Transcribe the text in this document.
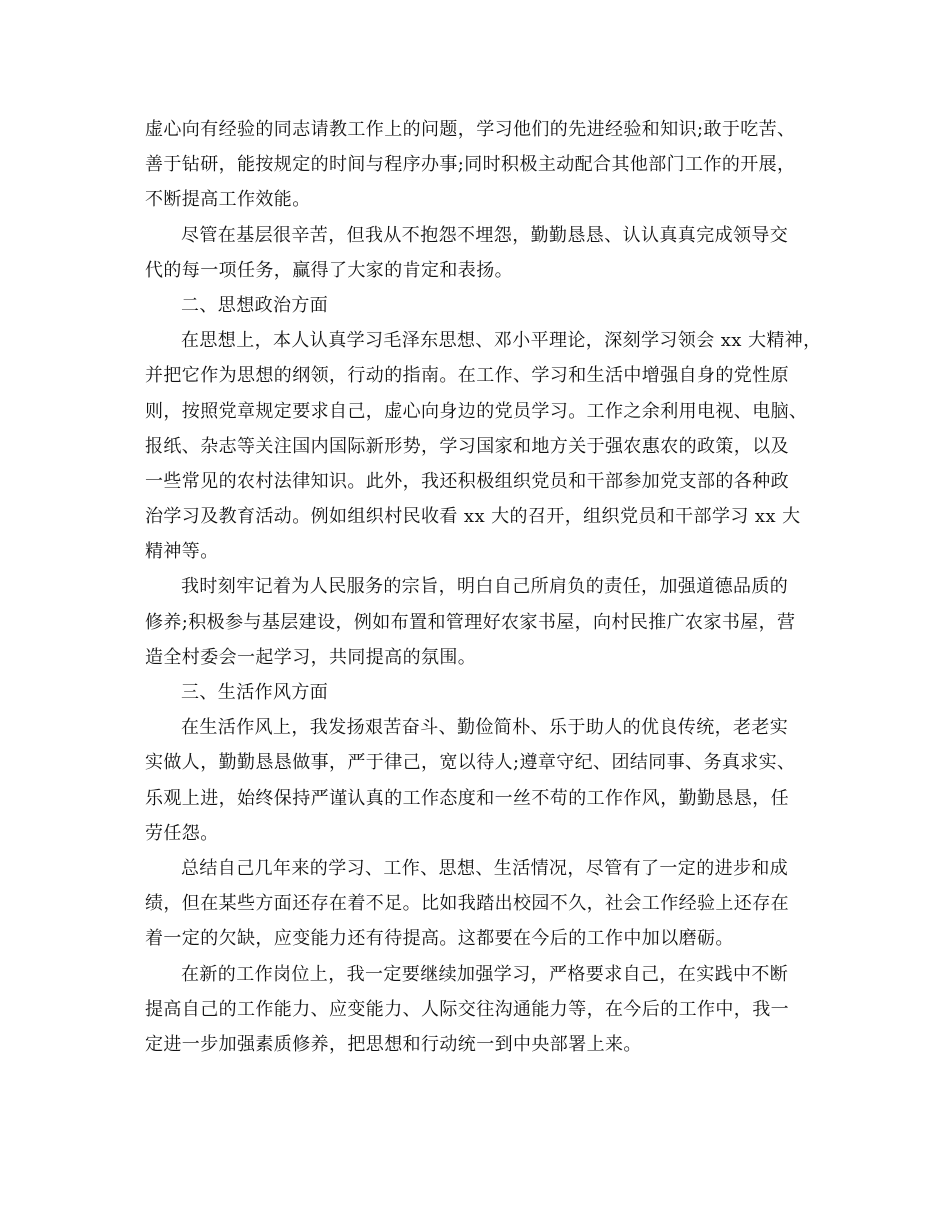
虚心向有经验的同志请教工作上的问题，学习他们的先进经验和知识;敢于吃苦、
善于钻研，能按规定的时间与程序办事;同时积极主动配合其他部门工作的开展，
不断提高工作效能。
尽管在基层很辛苦，但我从不抱怨不埋怨，勤勤恳恳、认认真真完成领导交
代的每一项任务，赢得了大家的肯定和表扬。
二、思想政治方面
在思想上，本人认真学习毛泽东思想、邓小平理论，深刻学习领会 xx 大精神，
并把它作为思想的纲领，行动的指南。在工作、学习和生活中增强自身的党性原
则，按照党章规定要求自己，虚心向身边的党员学习。工作之余利用电视、电脑、
报纸、杂志等关注国内国际新形势，学习国家和地方关于强农惠农的政策，以及
一些常见的农村法律知识。此外，我还积极组织党员和干部参加党支部的各种政
治学习及教育活动。例如组织村民收看 xx 大的召开，组织党员和干部学习 xx 大
精神等。
我时刻牢记着为人民服务的宗旨，明白自己所肩负的责任，加强道德品质的
修养;积极参与基层建设，例如布置和管理好农家书屋，向村民推广农家书屋，营
造全村委会一起学习，共同提高的氛围。
三、生活作风方面
在生活作风上，我发扬艰苦奋斗、勤俭简朴、乐于助人的优良传统，老老实
实做人，勤勤恳恳做事，严于律己，宽以待人;遵章守纪、团结同事、务真求实、
乐观上进，始终保持严谨认真的工作态度和一丝不苟的工作作风，勤勤恳恳，任
劳任怨。
总结自己几年来的学习、工作、思想、生活情况，尽管有了一定的进步和成
绩，但在某些方面还存在着不足。比如我踏出校园不久，社会工作经验上还存在
着一定的欠缺，应变能力还有待提高。这都要在今后的工作中加以磨砺。
在新的工作岗位上，我一定要继续加强学习，严格要求自己，在实践中不断
提高自己的工作能力、应变能力、人际交往沟通能力等，在今后的工作中，我一
定进一步加强素质修养，把思想和行动统一到中央部署上来。
